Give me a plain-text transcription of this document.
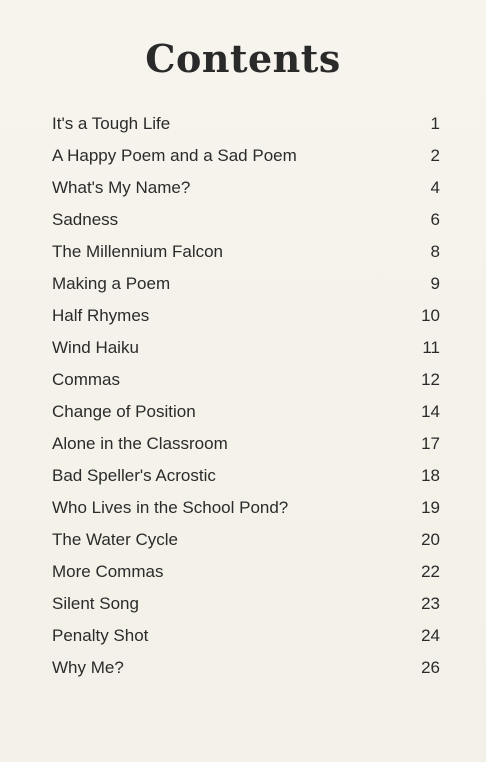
Contents
It's a Tough Life	1
A Happy Poem and a Sad Poem	2
What's My Name?	4
Sadness	6
The Millennium Falcon	8
Making a Poem	9
Half Rhymes	10
Wind Haiku	11
Commas	12
Change of Position	14
Alone in the Classroom	17
Bad Speller's Acrostic	18
Who Lives in the School Pond?	19
The Water Cycle	20
More Commas	22
Silent Song	23
Penalty Shot	24
Why Me?	26
